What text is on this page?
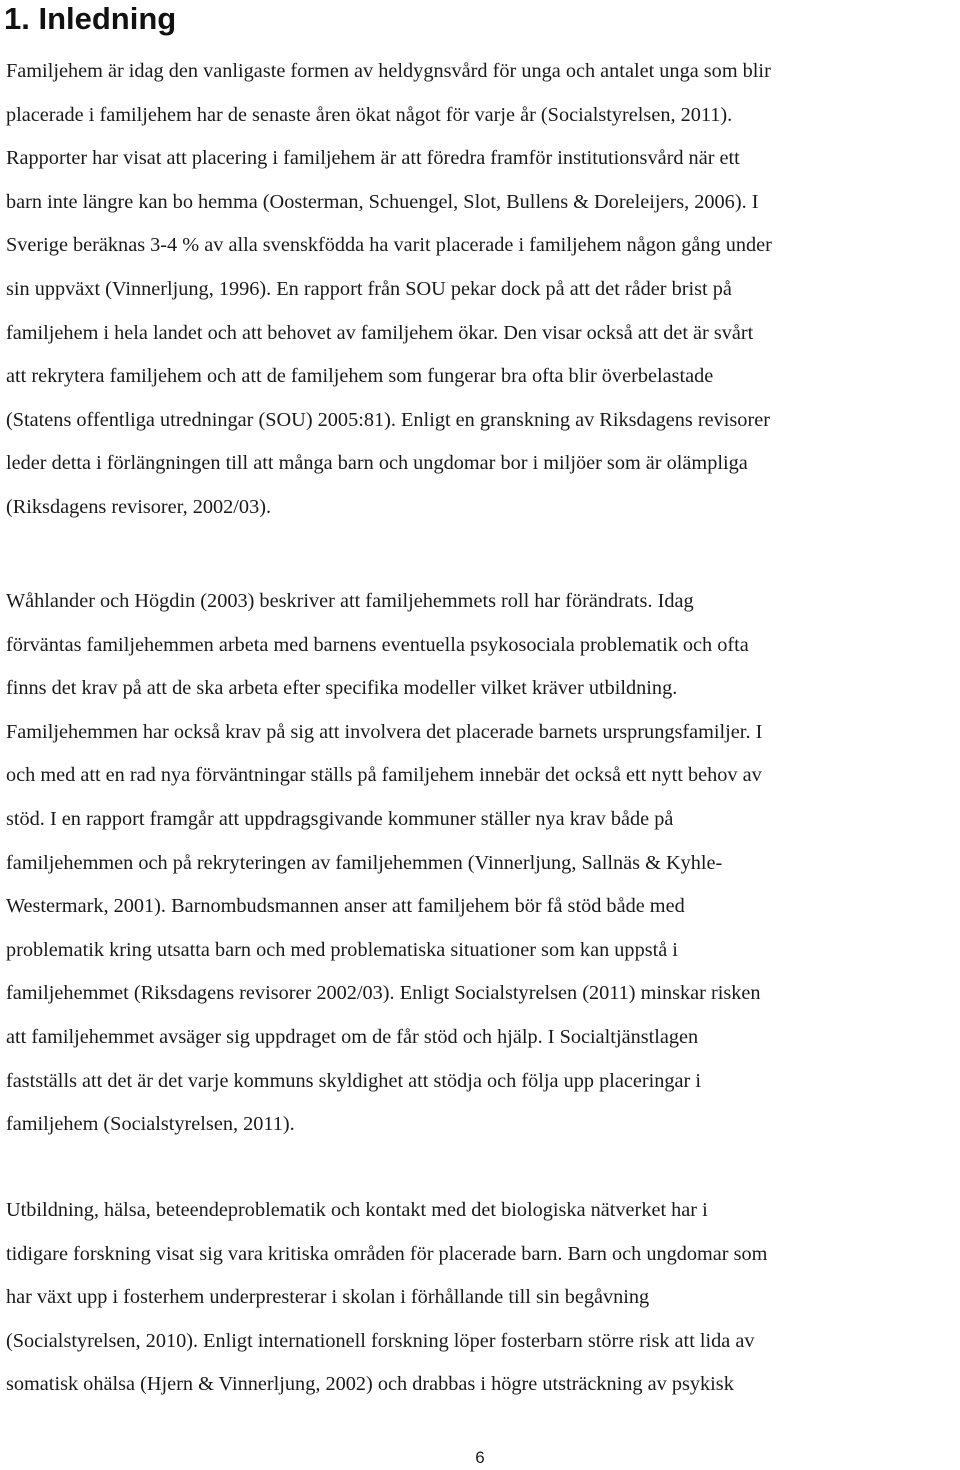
1. Inledning
Familjehem är idag den vanligaste formen av heldygnsvård för unga och antalet unga som blir
placerade i familjehem har de senaste åren ökat något för varje år (Socialstyrelsen, 2011).
Rapporter har visat att placering i familjehem är att föredra framför institutionsvård när ett
barn inte längre kan bo hemma (Oosterman, Schuengel, Slot, Bullens & Doreleijers, 2006). I
Sverige beräknas 3-4 % av alla svenskfödda ha varit placerade i familjehem någon gång under
sin uppväxt (Vinnerljung, 1996). En rapport från SOU pekar dock på att det råder brist på
familjehem i hela landet och att behovet av familjehem ökar. Den visar också att det är svårt
att rekrytera familjehem och att de familjehem som fungerar bra ofta blir överbelastade
(Statens offentliga utredningar (SOU) 2005:81). Enligt en granskning av Riksdagens revisorer
leder detta i förlängningen till att många barn och ungdomar bor i miljöer som är olämpliga
(Riksdagens revisorer, 2002/03).
Wåhlander och Högdin (2003) beskriver att familjehemmets roll har förändrats. Idag
förväntas familjehemmen arbeta med barnens eventuella psykosociala problematik och ofta
finns det krav på att de ska arbeta efter specifika modeller vilket kräver utbildning.
Familjehemmen har också krav på sig att involvera det placerade barnets ursprungsfamiljer. I
och med att en rad nya förväntningar ställs på familjehem innebär det också ett nytt behov av
stöd. I en rapport framgår att uppdragsgivande kommuner ställer nya krav både på
familjehemmen och på rekryteringen av familjehemmen (Vinnerljung, Sallnäs & Kyhle-
Westermark, 2001). Barnombudsmannen anser att familjehem bör få stöd både med
problematik kring utsatta barn och med problematiska situationer som kan uppstå i
familjehemmet (Riksdagens revisorer 2002/03). Enligt Socialstyrelsen (2011) minskar risken
att familjehemmet avsäger sig uppdraget om de får stöd och hjälp. I Socialtjänstlagen
fastställs att det är det varje kommuns skyldighet att stödja och följa upp placeringar i
familjehem (Socialstyrelsen, 2011).
Utbildning, hälsa, beteendeproblematik och kontakt med det biologiska nätverket har i
tidigare forskning visat sig vara kritiska områden för placerade barn. Barn och ungdomar som
har växt upp i fosterhem underpresterar i skolan i förhållande till sin begåvning
(Socialstyrelsen, 2010). Enligt internationell forskning löper fosterbarn större risk att lida av
somatisk ohälsa (Hjern & Vinnerljung, 2002) och drabbas i högre utsträckning av psykisk
6
